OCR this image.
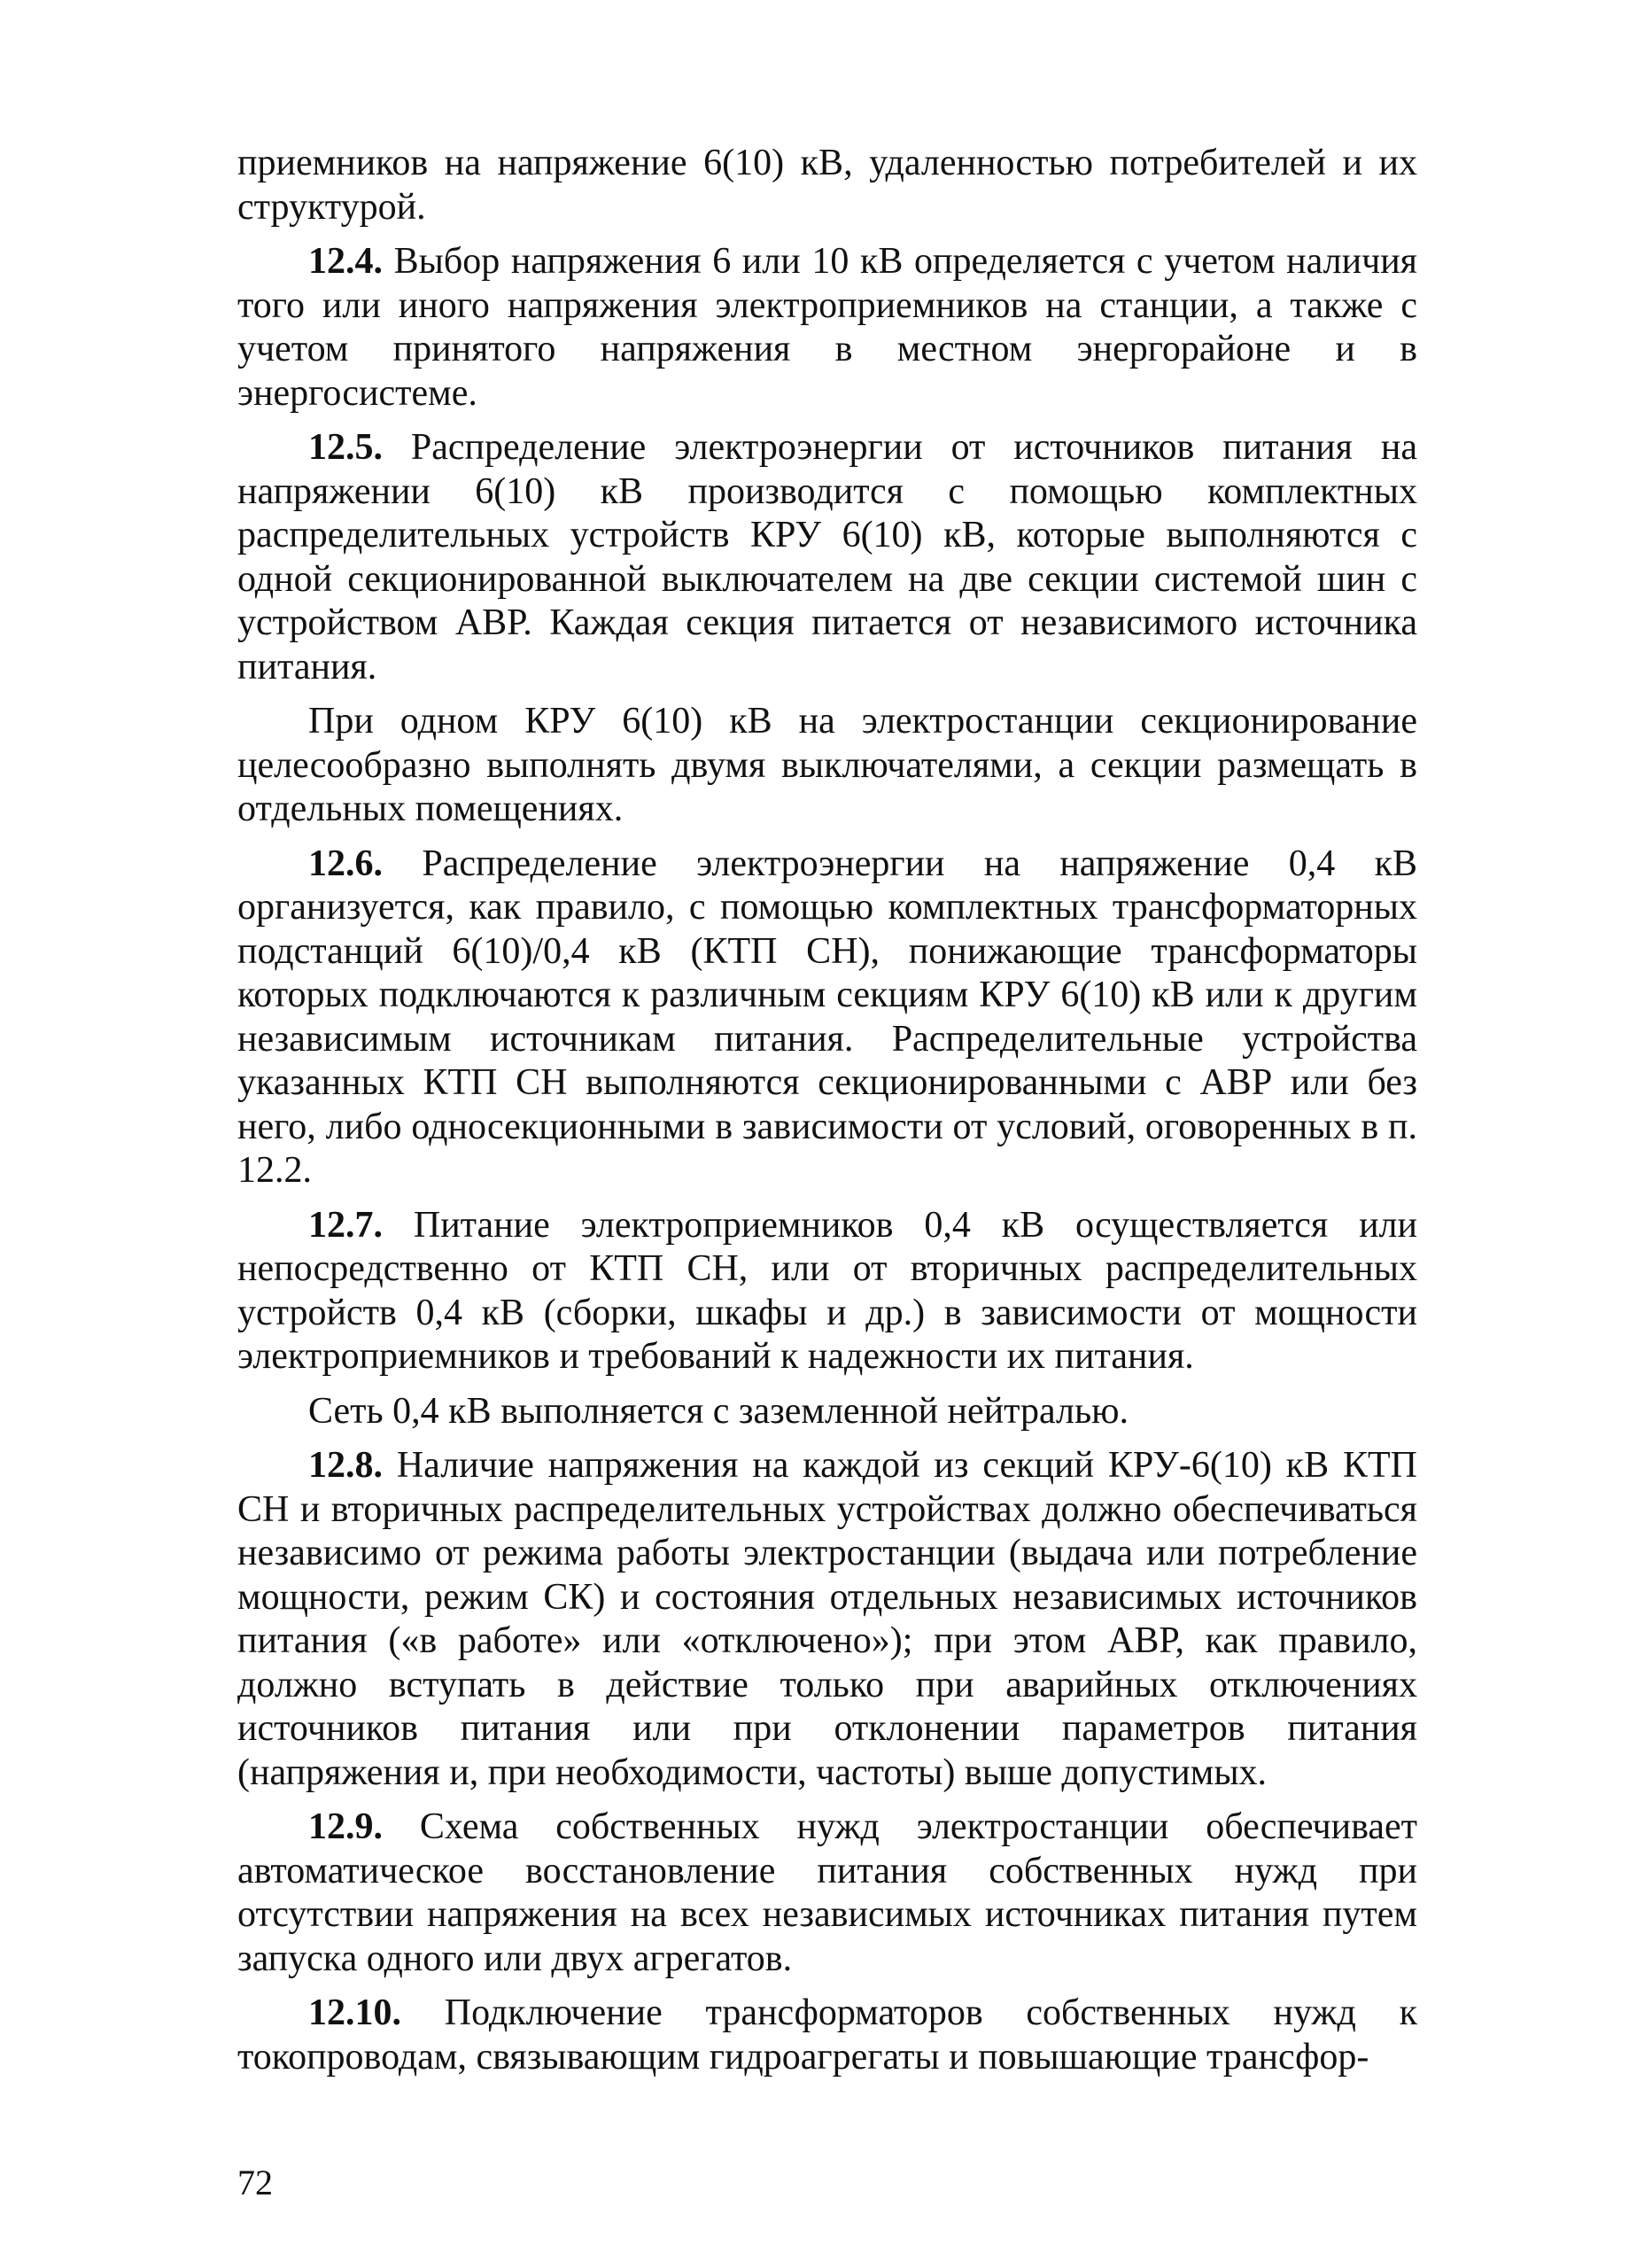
приемников на напряжение 6(10) кВ, удаленностью потребителей и их структурой.

12.4. Выбор напряжения 6 или 10 кВ определяется с учетом наличия того или иного напряжения электроприемников на станции, а также с учетом принятого напряжения в местном энергорайоне и в энергосистеме.

12.5. Распределение электроэнергии от источников питания на напряжении 6(10) кВ производится с помощью комплектных распределительных устройств КРУ 6(10) кВ, которые выполняются с одной секционированной выключателем на две секции системой шин с устройством АВР. Каждая секция питается от независимого источника питания.

При одном КРУ 6(10) кВ на электростанции секционирование целесообразно выполнять двумя выключателями, а секции размещать в отдельных помещениях.

12.6. Распределение электроэнергии на напряжение 0,4 кВ организуется, как правило, с помощью комплектных трансформаторных подстанций 6(10)/0,4 кВ (КТП СН), понижающие трансформаторы которых подключаются к различным секциям КРУ 6(10) кВ или к другим независимым источникам питания. Распределительные устройства указанных КТП СН выполняются секционированными с АВР или без него, либо односекционными в зависимости от условий, оговоренных в п. 12.2.

12.7. Питание электроприемников 0,4 кВ осуществляется или непосредственно от КТП СН, или от вторичных распределительных устройств 0,4 кВ (сборки, шкафы и др.) в зависимости от мощности электроприемников и требований к надежности их питания.

Сеть 0,4 кВ выполняется с заземленной нейтралью.

12.8. Наличие напряжения на каждой из секций КРУ-6(10) кВ КТП СН и вторичных распределительных устройствах должно обеспечиваться независимо от режима работы электростанции (выдача или потребление мощности, режим СК) и состояния отдельных независимых источников питания («в работе» или «отключено»); при этом АВР, как правило, должно вступать в действие только при аварийных отключениях источников питания или при отклонении параметров питания (напряжения и, при необходимости, частоты) выше допустимых.

12.9. Схема собственных нужд электростанции обеспечивает автоматическое восстановление питания собственных нужд при отсутствии напряжения на всех независимых источниках питания путем запуска одного или двух агрегатов.

12.10. Подключение трансформаторов собственных нужд к токопроводам, связывающим гидроагрегаты и повышающие трансфор-

72
